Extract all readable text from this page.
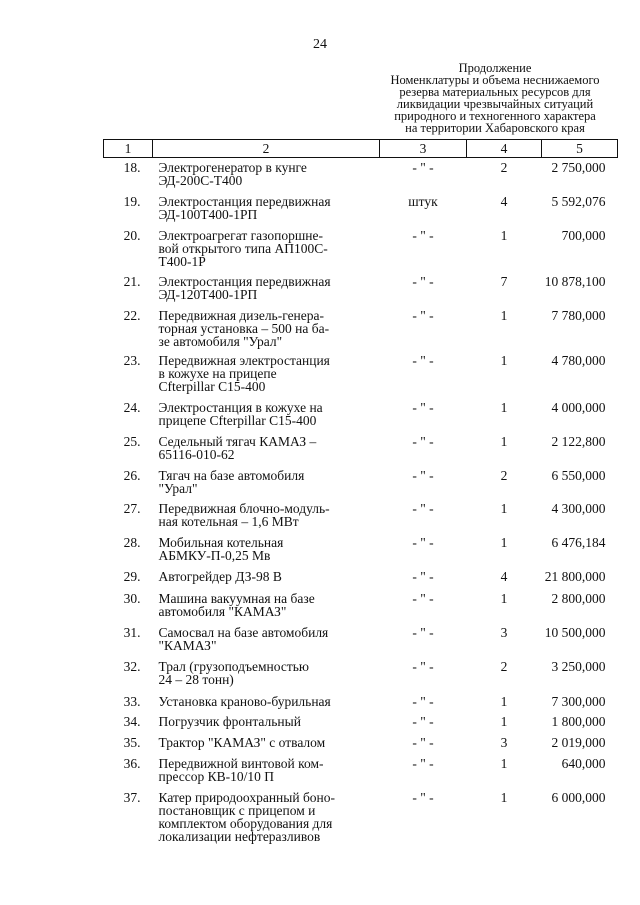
24
Продолжение
Номенклатуры и объема неснижаемого
резерва материальных ресурсов для
ликвидации чрезвычайных ситуаций
природного и техногенного характера
на территории Хабаровского края
1	2	3	4	5
18.	Электрогенератор в кунге
ЭД-200С-Т400	- " -	2	2 750,000
19.	Электростанция передвижная
ЭД-100Т400-1РП	штук	4	5 592,076
20.	Электроагрегат газопоршне-
вой открытого типа АП100С-
Т400-1Р	- " -	1	700,000
21.	Электростанция передвижная
ЭД-120Т400-1РП	- " -	7	10 878,100
22.	Передвижная дизель-генера-
торная установка – 500 на ба-
зе автомобиля "Урал"	- " -	1	7 780,000
23.	Передвижная электростанция
в кожухе на прицепе
Cfterpillar C15-400	- " -	1	4 780,000
24.	Электростанция в кожухе на
прицепе Cfterpillar C15-400	- " -	1	4 000,000
25.	Седельный тягач КАМАЗ –
65116-010-62	- " -	1	2 122,800
26.	Тягач на базе автомобиля
"Урал"	- " -	2	6 550,000
27.	Передвижная блочно-модуль-
ная котельная – 1,6 МВт	- " -	1	4 300,000
28.	Мобильная котельная
АБМКУ-П-0,25 Мв	- " -	1	6 476,184
29.	Автогрейдер ДЗ-98 В	- " -	4	21 800,000
30.	Машина вакуумная на базе
автомобиля "КАМАЗ"	- " -	1	2 800,000
31.	Самосвал на базе автомобиля
"КАМАЗ"	- " -	3	10 500,000
32.	Трал (грузоподъемностью
24 – 28 тонн)	- " -	2	3 250,000
33.	Установка краново-бурильная	- " -	1	7 300,000
34.	Погрузчик фронтальный	- " -	1	1 800,000
35.	Трактор "КАМАЗ" с отвалом	- " -	3	2 019,000
36.	Передвижной винтовой ком-
прессор КВ-10/10 П	- " -	1	640,000
37.	Катер природоохранный боно-
постановщик с прицепом и
комплектом оборудования для
локализации нефтеразливов	- " -	1	6 000,000
